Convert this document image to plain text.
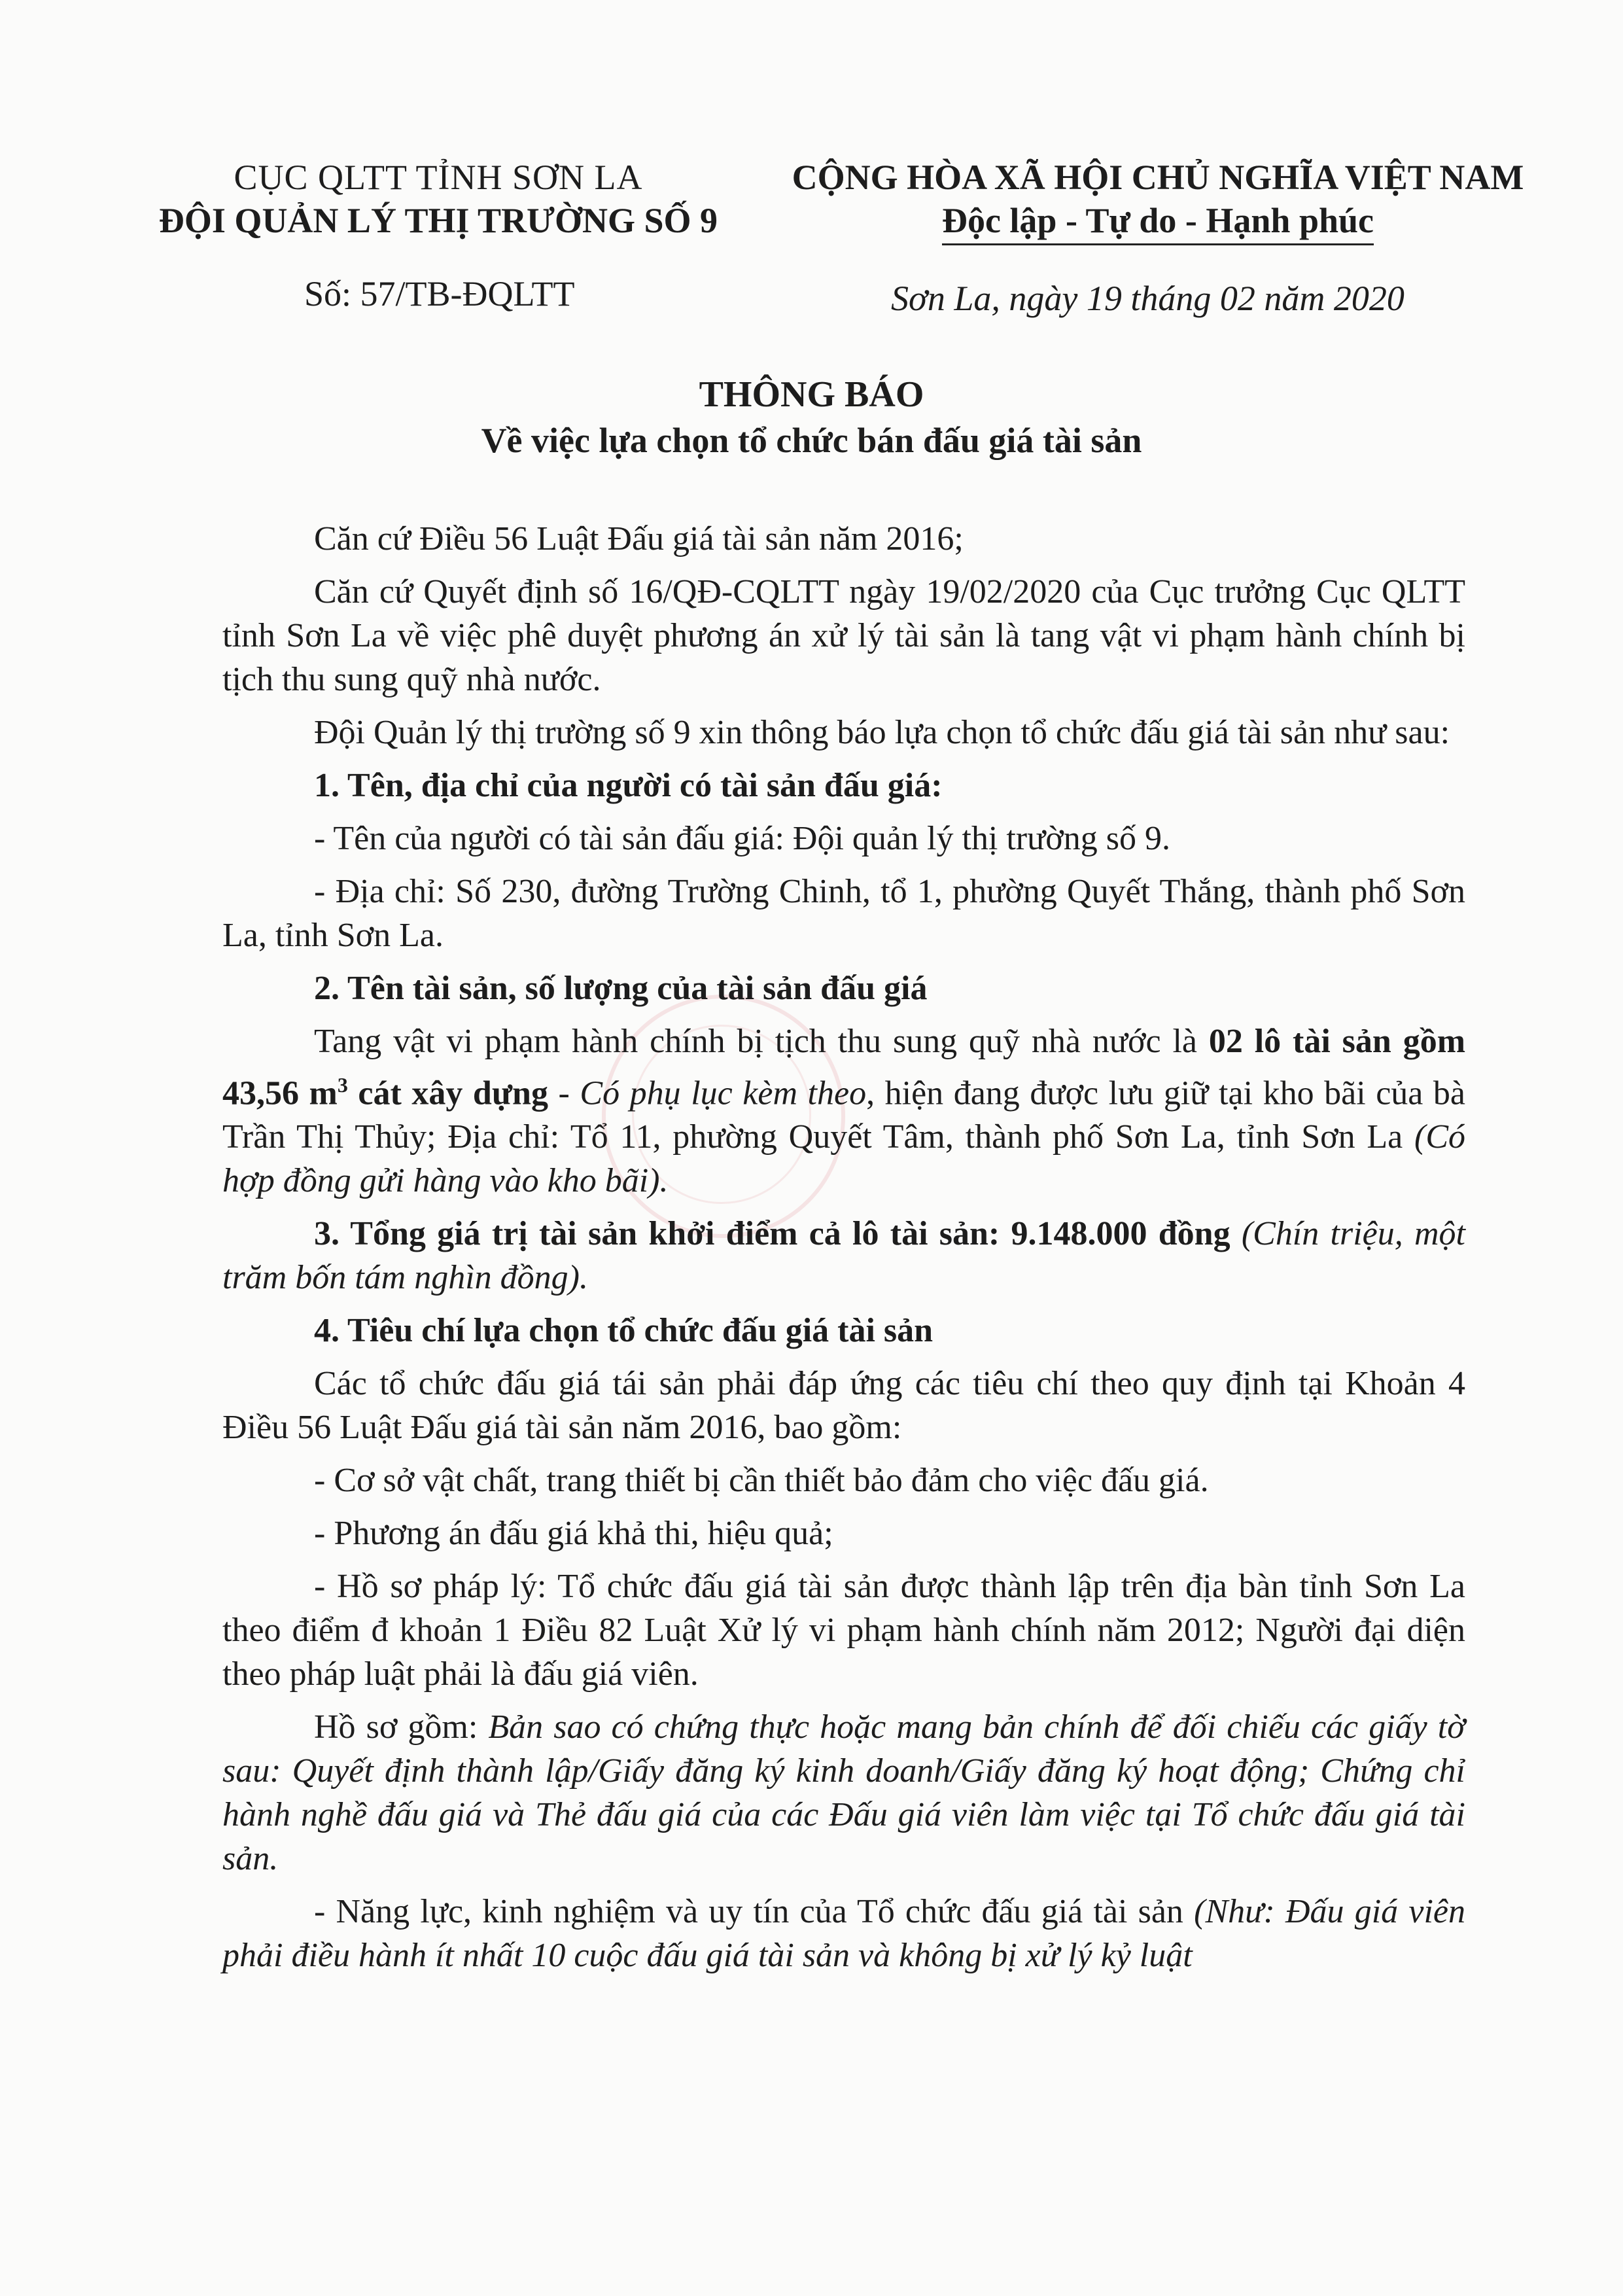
CỤC QLTT TỈNH SƠN LA
ĐỘI QUẢN LÝ THỊ TRƯỜNG SỐ 9
CỘNG HÒA XÃ HỘI CHỦ NGHĨA VIỆT NAM
Độc lập - Tự do - Hạnh phúc
Số: 57/TB-ĐQLTT	Sơn La, ngày 19 tháng 02 năm 2020
THÔNG BÁO
Về việc lựa chọn tổ chức bán đấu giá tài sản

Căn cứ Điều 56 Luật Đấu giá tài sản năm 2016;

Căn cứ Quyết định số 16/QĐ-CQLTT ngày 19/02/2020 của Cục trưởng Cục QLTT tỉnh Sơn La về việc phê duyệt phương án xử lý tài sản là tang vật vi phạm hành chính bị tịch thu sung quỹ nhà nước.

Đội Quản lý thị trường số 9 xin thông báo lựa chọn tổ chức đấu giá tài sản như sau:

1. Tên, địa chỉ của người có tài sản đấu giá:

- Tên của người có tài sản đấu giá: Đội quản lý thị trường số 9.

- Địa chỉ: Số 230, đường Trường Chinh, tổ 1, phường Quyết Thắng, thành phố Sơn La, tỉnh Sơn La.

2. Tên tài sản, số lượng của tài sản đấu giá

Tang vật vi phạm hành chính bị tịch thu sung quỹ nhà nước là 02 lô tài sản gồm 43,56 $m^3$ cát xây dựng - Có phụ lục kèm theo, hiện đang được lưu giữ tại kho bãi của bà Trần Thị Thủy; Địa chỉ: Tổ 11, phường Quyết Tâm, thành phố Sơn La, tỉnh Sơn La (Có hợp đồng gửi hàng vào kho bãi).

3. Tổng giá trị tài sản khởi điểm cả lô tài sản: 9.148.000 đồng (Chín triệu, một trăm bốn tám nghìn đồng).

4. Tiêu chí lựa chọn tổ chức đấu giá tài sản

Các tổ chức đấu giá tái sản phải đáp ứng các tiêu chí theo quy định tại Khoản 4 Điều 56 Luật Đấu giá tài sản năm 2016, bao gồm:

- Cơ sở vật chất, trang thiết bị cần thiết bảo đảm cho việc đấu giá.

- Phương án đấu giá khả thi, hiệu quả;

- Hồ sơ pháp lý: Tổ chức đấu giá tài sản được thành lập trên địa bàn tỉnh Sơn La theo điểm đ khoản 1 Điều 82 Luật Xử lý vi phạm hành chính năm 2012; Người đại diện theo pháp luật phải là đấu giá viên.

Hồ sơ gồm: Bản sao có chứng thực hoặc mang bản chính để đối chiếu các giấy tờ sau: Quyết định thành lập/Giấy đăng ký kinh doanh/Giấy đăng ký hoạt động; Chứng chỉ hành nghề đấu giá và Thẻ đấu giá của các Đấu giá viên làm việc tại Tổ chức đấu giá tài sản.

- Năng lực, kinh nghiệm và uy tín của Tổ chức đấu giá tài sản (Như: Đấu giá viên phải điều hành ít nhất 10 cuộc đấu giá tài sản và không bị xử lý kỷ luật
